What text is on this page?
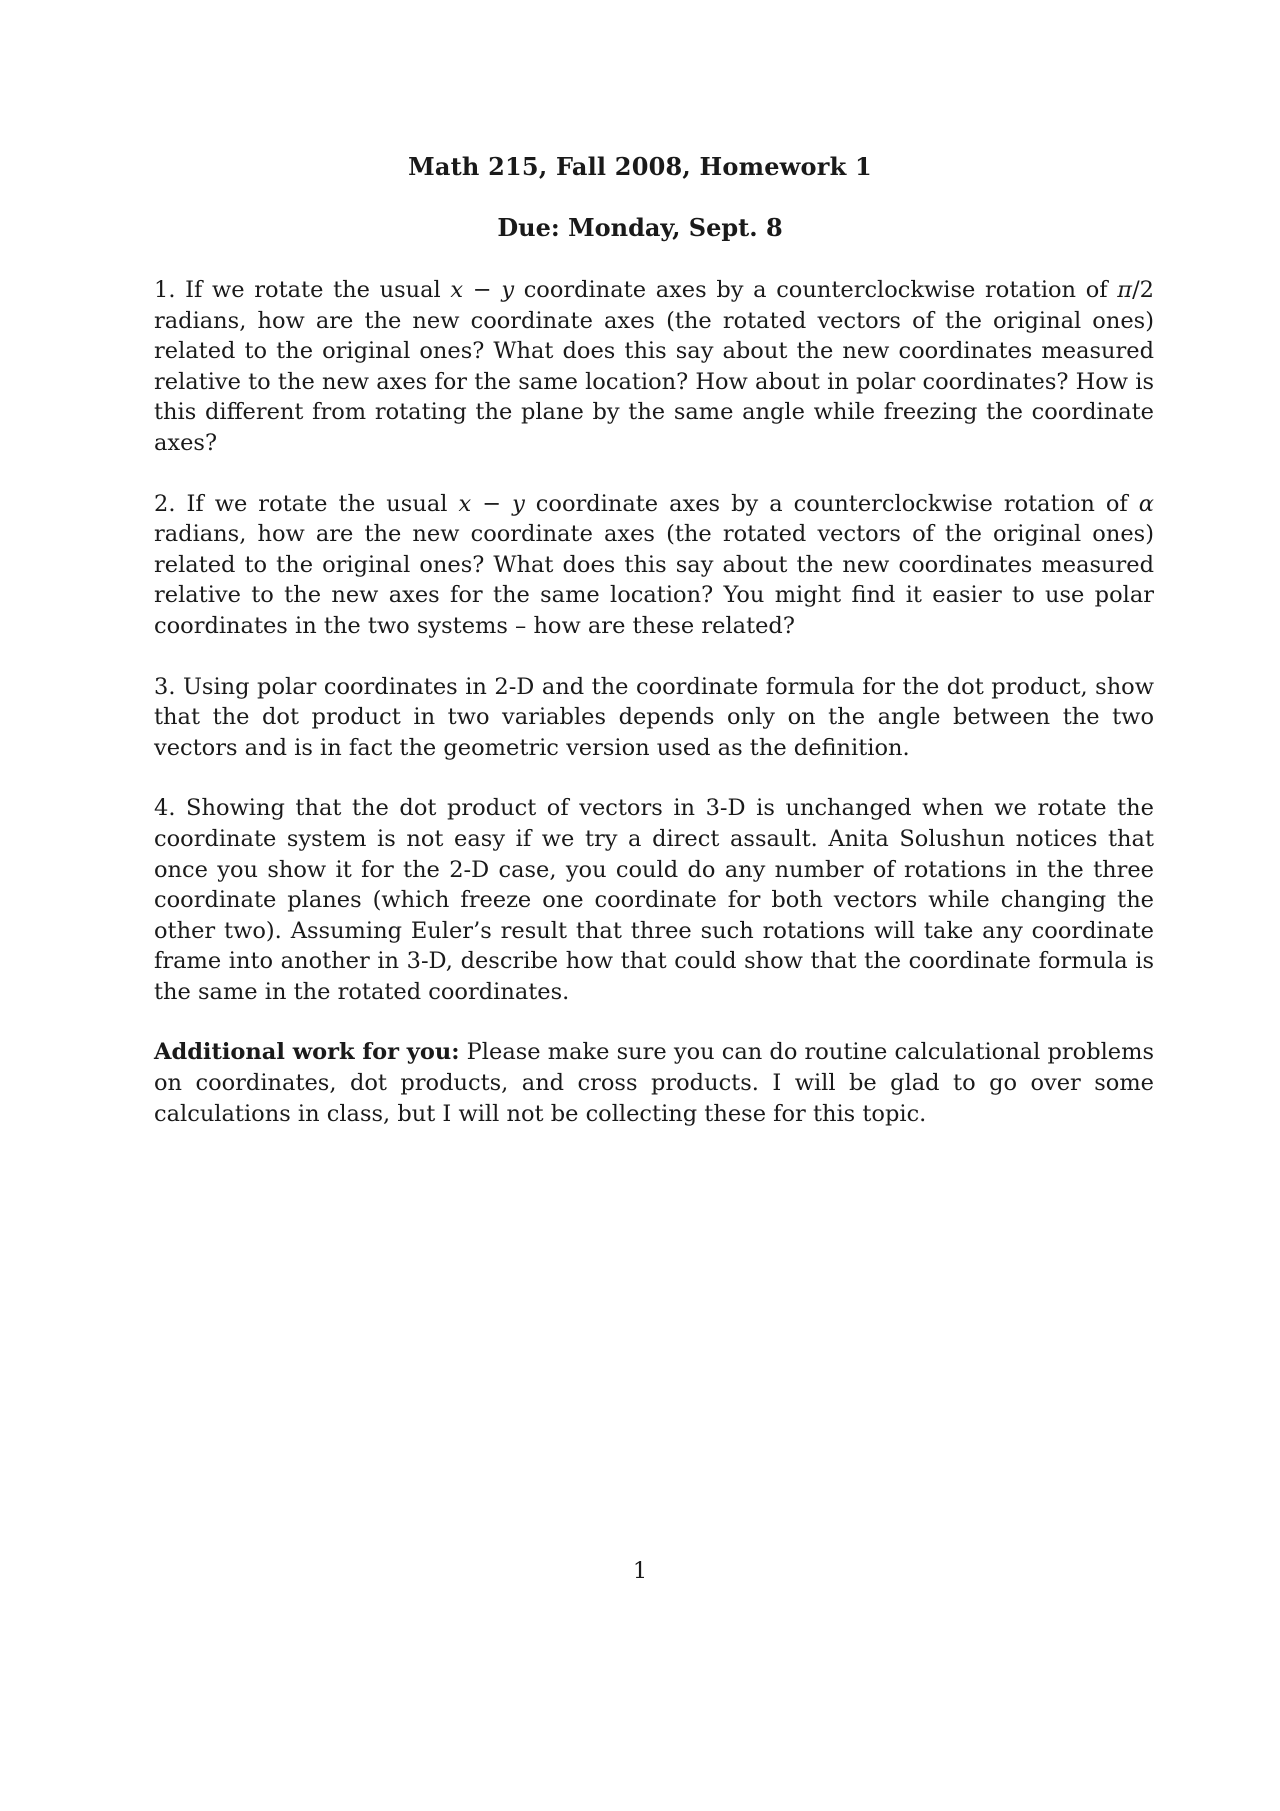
Math 215, Fall 2008, Homework 1
Due: Monday, Sept. 8

1. If we rotate the usual x − y coordinate axes by a counterclockwise rotation of π/2 radians, how are the new coordinate axes (the rotated vectors of the original ones) related to the original ones? What does this say about the new coordinates measured relative to the new axes for the same location? How about in polar coordinates? How is this different from rotating the plane by the same angle while freezing the coordinate axes?

2. If we rotate the usual x − y coordinate axes by a counterclockwise rotation of α radians, how are the new coordinate axes (the rotated vectors of the original ones) related to the original ones? What does this say about the new coordinates measured relative to the new axes for the same location? You might find it easier to use polar coordinates in the two systems – how are these related?

3. Using polar coordinates in 2-D and the coordinate formula for the dot product, show that the dot product in two variables depends only on the angle between the two vectors and is in fact the geometric version used as the definition.

4. Showing that the dot product of vectors in 3-D is unchanged when we rotate the coordinate system is not easy if we try a direct assault. Anita Solushun notices that once you show it for the 2-D case, you could do any number of rotations in the three coordinate planes (which freeze one coordinate for both vectors while changing the other two). Assuming Euler’s result that three such rotations will take any coordinate frame into another in 3-D, describe how that could show that the coordinate formula is the same in the rotated coordinates.

Additional work for you: Please make sure you can do routine calculational problems on coordinates, dot products, and cross products. I will be glad to go over some calculations in class, but I will not be collecting these for this topic.

1
